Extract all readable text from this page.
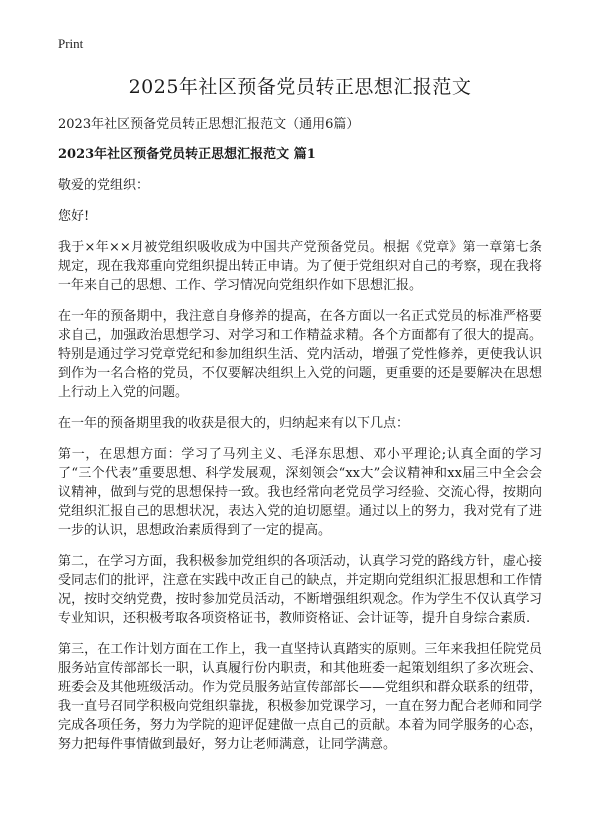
Print
2025年社区预备党员转正思想汇报范文

2023年社区预备党员转正思想汇报范文（通用6篇）

2023年社区预备党员转正思想汇报范文 篇1

敬爱的党组织：

您好!

我于×年××月被党组织吸收成为中国共产党预备党员。根据《党章》第一章第七条规定，现在我郑重向党组织提出转正申请。为了便于党组织对自己的考察，现在我将一年来自己的思想、工作、学习情况向党组织作如下思想汇报。

在一年的预备期中，我注意自身修养的提高，在各方面以一名正式党员的标准严格要求自己，加强政治思想学习、对学习和工作精益求精。各个方面都有了很大的提高。特别是通过学习党章党纪和参加组织生活、党内活动，增强了党性修养，更使我认识到作为一名合格的党员，不仅要解决组织上入党的问题，更重要的还是要解决在思想上行动上入党的问题。

在一年的预备期里我的收获是很大的，归纳起来有以下几点：

第一，在思想方面：学习了马列主义、毛泽东思想、邓小平理论;认真全面的学习了“三个代表”重要思想、科学发展观，深刻领会“xx大”会议精神和xx届三中全会会议精神，做到与党的思想保持一致。我也经常向老党员学习经验、交流心得，按期向党组织汇报自己的思想状况，表达入党的迫切愿望。通过以上的努力，我对党有了进一步的认识，思想政治素质得到了一定的提高。

第二，在学习方面，我积极参加党组织的各项活动，认真学习党的路线方针，虚心接受同志们的批评，注意在实践中改正自己的缺点，并定期向党组织汇报思想和工作情况，按时交纳党费，按时参加党员活动，不断增强组织观念。作为学生不仅认真学习专业知识，还积极考取各项资格证书，教师资格证、会计证等，提升自身综合素质.

第三，在工作计划方面在工作上，我一直坚持认真踏实的原则。三年来我担任院党员服务站宣传部部长一职，认真履行份内职责，和其他班委一起策划组织了多次班会、班委会及其他班级活动。作为党员服务站宣传部部长——党组织和群众联系的纽带，我一直号召同学积极向党组织靠拢，积极参加党课学习，一直在努力配合老师和同学完成各项任务，努力为学院的迎评促建做一点自己的贡献。本着为同学服务的心态，努力把每件事情做到最好，努力让老师满意，让同学满意。
